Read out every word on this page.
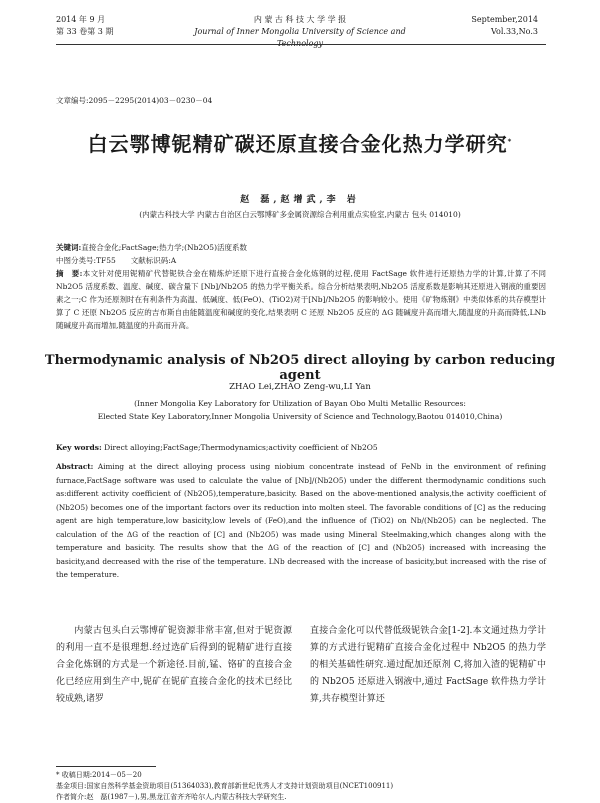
2014 年 9 月
第 33 卷第 3 期
内 蒙 古 科 技 大 学 学 报
Journal of Inner Mongolia University of Science and
September,2014
Vol.33,No.3
文章编号:2095－2295(2014)03－0230－04
白云鄂博铌精矿碳还原直接合金化热力学研究*
赵 磊,赵增武,李 岩
(内蒙古科技大学 内蒙古自治区白云鄂博矿多金属资源综合利用重点实验室,内蒙古 包头 014010)
关键词:直接合金化;FactSage;热力学;(Nb2O5)活度系数
中图分类号:TF55　　文献标识码:A
摘　要:本文针对使用铌精矿代替铌铁合金在精炼炉还原下进行直接合金化炼钢的过程,使用 FactSage 软件进行还原热力学的计算,计算了不同 Nb2O5 活度系数、温度、碱度、碳含量下 [Nb]/Nb2O5 的热力学平衡关系。综合分析结果表明,Nb2O5 活度系数是影响其还原进入钢液的重要因素之一;C 作为还原剂时在有利条件为高温、低碱度、低(FeO)、(TiO2)对于[Nb]/Nb2O5 的影响较小。使用《矿物炼钢》中类似体系的共存模型计算了 C 还原 Nb2O5 反应的吉布斯自由能随温度和碱度的变化,结果表明 C 还原 Nb2O5 反应的 ΔG 随碱度升高而增大,随温度的升高而降低,LNb 随碱度升高而增加,随温度的升高而升高。
Thermodynamic analysis of Nb2O5 direct alloying by carbon reducing agent
ZHAO Lei,ZHAO Zeng-wu,LI Yan
(Inner Mongolia Key Laboratory for Utilization of Bayan Obo Multi Metallic Resources:
Elected State Key Laboratory,Inner Mongolia University of Science and Technology,Baotou 014010,China)
Key words: Direct alloying;FactSage;Thermodynamics;activity coefficient of Nb2O5
Abstract: Aiming at the direct alloying process using niobium concentrate instead of FeNb in the environment of refining furnace,FactSage software was used to calculate the value of [Nb]/(Nb2O5) under the different thermodynamic conditions such as:different activity coefficient of (Nb2O5),temperature,basicity. Based on the above-mentioned analysis,the activity coefficient of (Nb2O5) becomes one of the important factors over its reduction into molten steel. The favorable conditions of [C] as the reducing agent are high temperature,low basicity,low levels of (FeO),and the influence of (TiO2) on Nb/(Nb2O5) can be neglected. The calculation of the ΔG of the reaction of [C] and (Nb2O5) was made using Mineral Steelmaking,which changes along with the temperature and basicity. The results show that the ΔG of the reaction of [C] and (Nb2O5) increased with increasing the basicity,and decreased with the rise of the temperature. LNb decreased with the increase of basicity,but increased with the rise of the temperature.
内蒙古包头白云鄂博矿铌资源非常丰富,但对于铌资源的利用一直不是很理想.经过选矿后得到的铌精矿进行直接合金化炼钢的方式是一个新途径.目前,锰、铬矿的直接合金化已经应用到生产中,铌矿在铌矿直接合金化的技术已经比较成熟,诸罗
直接合金化可以代替低级铌铁合金[1-2].本文通过热力学计算的方式进行铌精矿直接合金化过程中 Nb2O5 的热力学的相关基础性研究.通过配加还原剂 C,将加入渣的铌精矿中的 Nb2O5 还原进入钢液中,通过 FactSage 软件热力学计算,共存模型计算还
* 收稿日期:2014－05－20
基金项目:国家自然科学基金资助项目(51364033),教育部新世纪优秀人才支持计划资助项目(NCET100911)
作者简介:赵　磊(1987－),男,黑龙江省齐齐哈尔人,内蒙古科技大学研究生.
